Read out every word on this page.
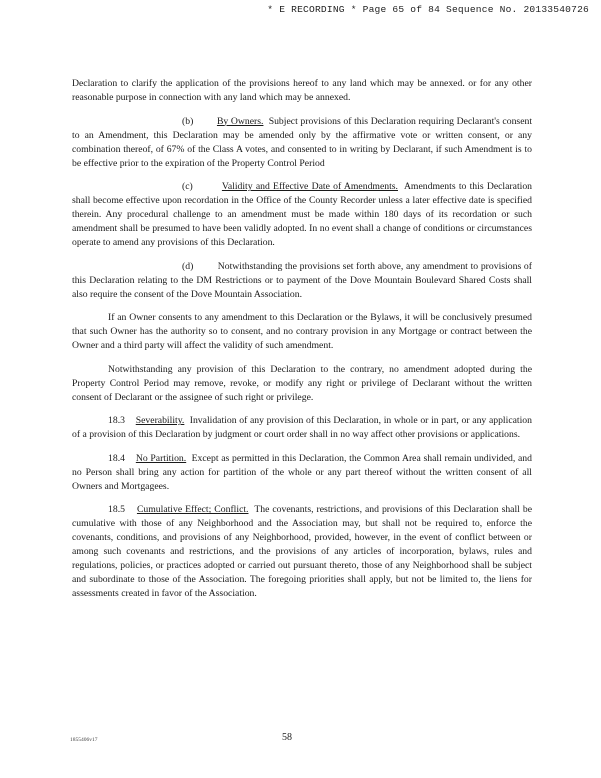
* E RECORDING * Page 65 of 84 Sequence No. 20133540726

Declaration to clarify the application of the provisions hereof to any land which may be annexed. or for any other reasonable purpose in connection with any land which may be annexed.

(b) By Owners. Subject provisions of this Declaration requiring Declarant's consent to an Amendment, this Declaration may be amended only by the affirmative vote or written consent, or any combination thereof, of 67% of the Class A votes, and consented to in writing by Declarant, if such Amendment is to be effective prior to the expiration of the Property Control Period

(c)	Validity and Effective Date of Amendments. Amendments to this Declaration shall become effective upon recordation in the Office of the County Recorder unless a later effective date is specified therein. Any procedural challenge to an amendment must be made within 180 days of its recordation or such amendment shall be presumed to have been validly adopted. In no event shall a change of conditions or circumstances operate to amend any provisions of this Declaration.

(d)	Notwithstanding the provisions set forth above, any amendment to provisions of this Declaration relating to the DM Restrictions or to payment of the Dove Mountain Boulevard Shared Costs shall also require the consent of the Dove Mountain Association.

If an Owner consents to any amendment to this Declaration or the Bylaws, it will be conclusively presumed that such Owner has the authority so to consent, and no contrary provision in any Mortgage or contract between the Owner and a third party will affect the validity of such amendment.

Notwithstanding any provision of this Declaration to the contrary, no amendment adopted during the Property Control Period may remove, revoke, or modify any right or privilege of Declarant without the written consent of Declarant or the assignee of such right or privilege.

18.3 Severability. Invalidation of any provision of this Declaration, in whole or in part, or any application of a provision of this Declaration by judgment or court order shall in no way affect other provisions or applications.

18.4 No Partition. Except as permitted in this Declaration, the Common Area shall remain undivided, and no Person shall bring any action for partition of the whole or any part thereof without the written consent of all Owners and Mortgagees.

18.5 Cumulative Effect; Conflict. The covenants, restrictions, and provisions of this Declaration shall be cumulative with those of any Neighborhood and the Association may, but shall not be required to, enforce the covenants, conditions, and provisions of any Neighborhood, provided, however, in the event of conflict between or among such covenants and restrictions, and the provisions of any articles of incorporation, bylaws, rules and regulations, policies, or practices adopted or carried out pursuant thereto, those of any Neighborhood shall be subject and subordinate to those of the Association. The foregoing priorities shall apply, but not be limited to, the liens for assessments created in favor of the Association.

1855406v17	58
